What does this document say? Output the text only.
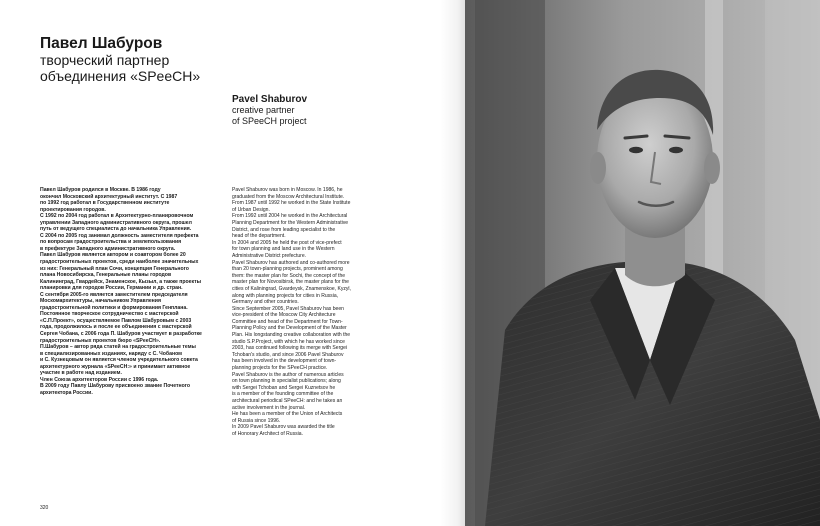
Павел Шабуров

творческий партнер объединения «SPeeCH»

Pavel Shaburov

creative partner
of SPeeCH project

Павел Шабуров родился в Москве. В 1986 году
окончил Московский архитектурный институт. С 1987
по 1992 год работал в Государственном институте
проектирования городов.
С 1992 по 2004 год работал в Архитектурно-планировочном
управлении Западного административного округа, прошел
путь от ведущего специалиста до начальника Управления.
С 2004 по 2005 год занимал должность заместителя префекта
по вопросам градостроительства и землепользования
в префектуре Западного административного округа.
Павел Шабуров является автором и соавтором более 20
градостроительных проектов, среди наиболее значительных
из них: Генеральный план Сочи, концепция Генерального
плана Новосибирска, Генеральные планы городов
Калининград, Гвардейск, Знаменское, Кызыл, а также проекты
планировки для городов России, Германии и др. стран.
С сентября 2005-го является заместителем председателя
Москомархитектуры, начальником Управления
градостроительной политики и формирования Генплана.
Постоянное творческое сотрудничество с мастерской
«С.П.Проект», осуществляемое Павлом Шабуровым с 2003
года, продолжилось и после ее объединения с мастерской
Сергея Чобана, с 2006 года П. Шабуров участвует в разработке
градостроительных проектов бюро «SPeeCH».
П.Шабуров – автор ряда статей на градостроительные темы
в специализированных изданиях, наряду с С. Чобаном
и С. Кузнецовым он является членом учредительного совета
архитектурного журнала «SPeeCH:» и принимает активное
участие в работе над изданием.
Член Союза архитекторов России с 1996 года.
В 2009 году Павлу Шабурову присвоено звание Почетного
архитектора России.

Pavel Shaburov was born in Moscow. In 1986, he
graduated from the Moscow Architectural Institute.
From 1987 until 1992 he worked in the State Institute
of Urban Design.
From 1992 until 2004 he worked in the Architectural
Planning Department for the Western Administrative
District, and rose from leading specialist to the
head of the department.
In 2004 and 2005 he held the post of vice-prefect
for town planning and land use in the Western
Administrative District prefecture.
Pavel Shaburov has authored and co-authored more
than 20 town-planning projects, prominent among
them: the master plan for Sochi, the concept of the
master plan for Novosibirsk, the master plans for the
cities of Kaliningrad, Gvardeysk, Znamenskoe, Kyzyl,
along with planning projects for cities in Russia,
Germany and other countries.
Since September 2005, Pavel Shaburov has been
vice-president of the Moscow City Architecture
Committee and head of the Department for Town-
Planning Policy and the Development of the Master
Plan. His longstanding creative collaboration with the
studio S.P.Project, with which he has worked since
2003, has continued following its merge with Sergei
Tchoban's studio, and since 2006 Pavel Shaburov
has been involved in the development of town-
planning projects for the SPeeCH practice.
Pavel Shaburov is the author of numerous articles
on town planning in specialist publications; along
with Sergei Tchoban and Sergei Kuznetsov he
is a member of the founding committee of the
architectural periodical SPeeCH: and he takes an
active involvement in the journal.
He has been a member of the Union of Architects
of Russia since 1996.
In 2009 Pavel Shaburov was awarded the title
of Honorary Architect of Russia.

320
